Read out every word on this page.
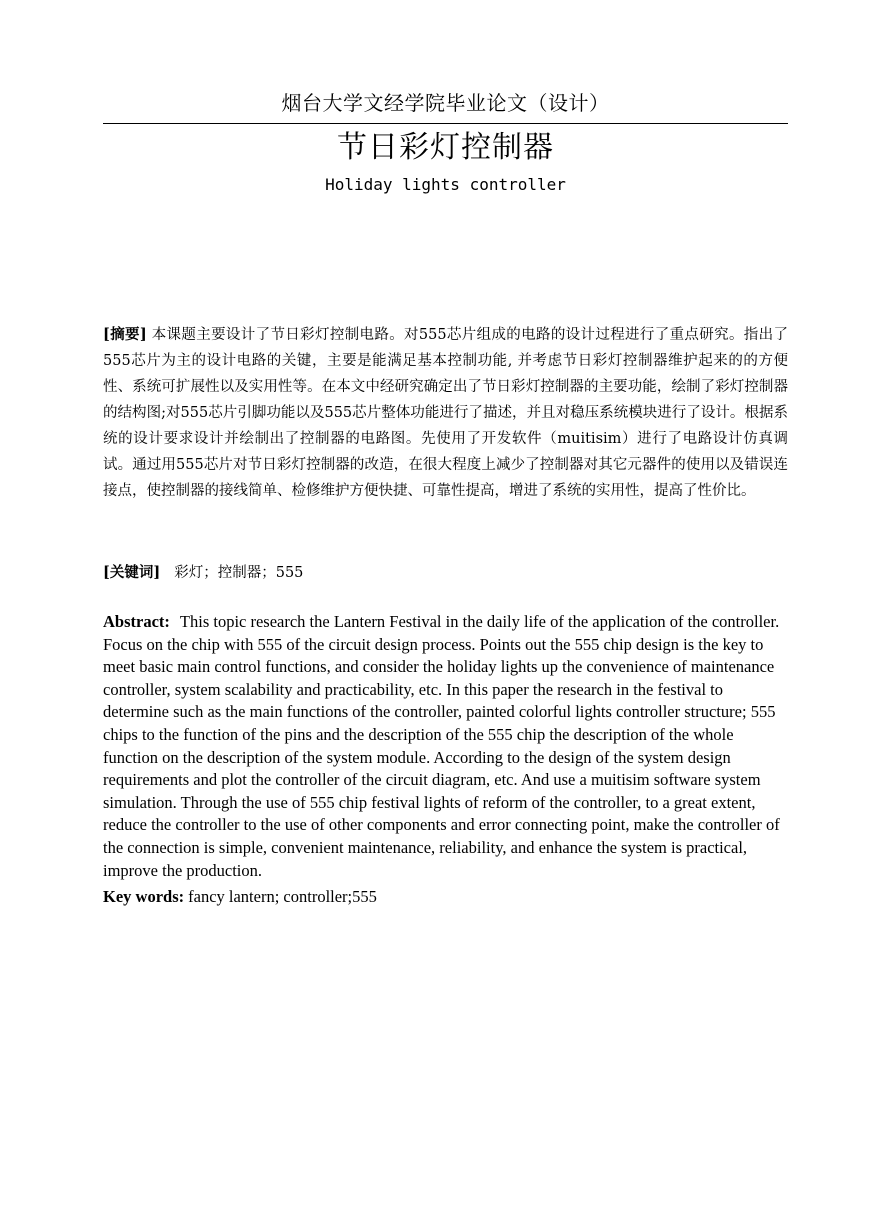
烟台大学文经学院毕业论文（设计）
节日彩灯控制器
Holiday lights controller

[摘要] 本课题主要设计了节日彩灯控制电路。对555芯片组成的电路的设计过程进行了重点研究。指出了 555芯片为主的设计电路的关键，主要是能满足基本控制功能, 并考虑节日彩灯控制器维护起来的的方便性、系统可扩展性以及实用性等。在本文中经研究确定出了节日彩灯控制器的主要功能，绘制了彩灯控制器的结构图;对555芯片引脚功能以及555芯片整体功能进行了描述，并且对稳压系统模块进行了设计。根据系统的设计要求设计并绘制出了控制器的电路图。先使用了开发软件（muitisim）进行了电路设计仿真调试。通过用555芯片对节日彩灯控制器的改造，在很大程度上减少了控制器对其它元器件的使用以及错误连接点，使控制器的接线简单、检修维护方便快捷、可靠性提高，增进了系统的实用性，提高了性价比。

[关键词] 彩灯；控制器；555

Abstract: This topic research the Lantern Festival in the daily life of the application of the controller. Focus on the chip with 555 of the circuit design process. Points out the 555 chip design is the key to meet basic main control functions, and consider the holiday lights up the convenience of maintenance controller, system scalability and practicability, etc. In this paper the research in the festival to determine such as the main functions of the controller, painted colorful lights controller structure; 555 chips to the function of the pins and the description of the 555 chip the description of the whole function on the description of the system module. According to the design of the system design requirements and plot the controller of the circuit diagram, etc. And use a muitisim software system simulation. Through the use of 555 chip festival lights of reform of the controller, to a great extent, reduce the controller to the use of other components and error connecting point, make the controller of the connection is simple, convenient maintenance, reliability, and enhance the system is practical, improve the production.

Key words: fancy lantern; controller;555
